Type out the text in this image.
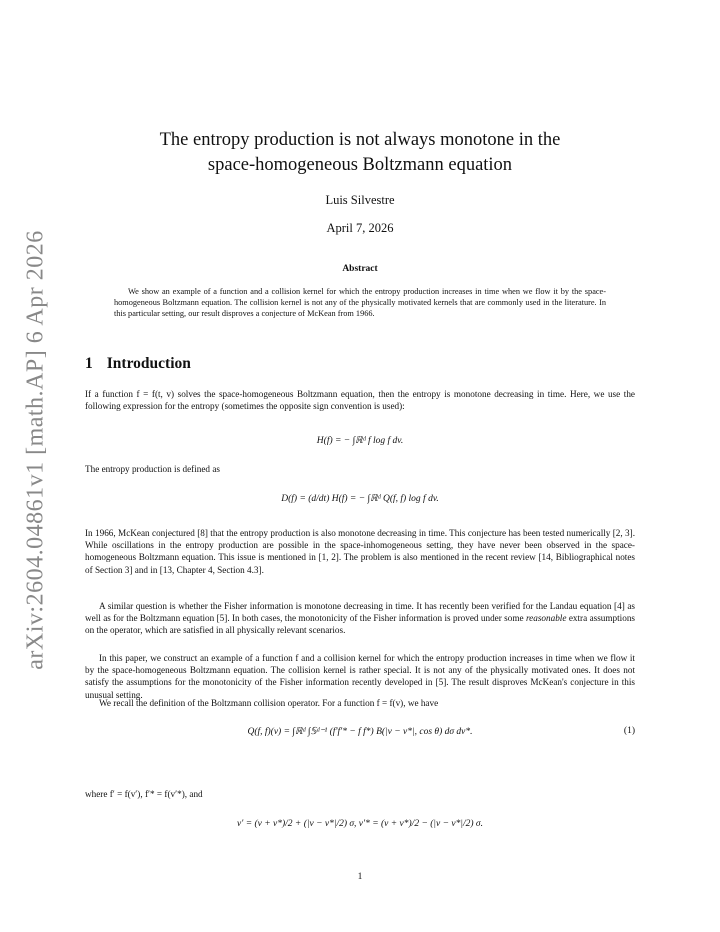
arXiv:2604.04861v1 [math.AP] 6 Apr 2026
The entropy production is not always monotone in the
space-homogeneous Boltzmann equation
Luis Silvestre
April 7, 2026
Abstract
We show an example of a function and a collision kernel for which the entropy production increases in time when we flow it by the space-homogeneous Boltzmann equation. The collision kernel is not any of the physically motivated kernels that are commonly used in the literature. In this particular setting, our result disproves a conjecture of McKean from 1966.
1 Introduction
If a function f = f(t, v) solves the space-homogeneous Boltzmann equation, then the entropy is monotone decreasing in time. Here, we use the following expression for the entropy (sometimes the opposite sign convention is used):
H(f) = − ∫ℝᵈ f log f dv.
The entropy production is defined as
D(f) = (d/dt) H(f) = − ∫ℝᵈ Q(f, f) log f dv.
In 1966, McKean conjectured [8] that the entropy production is also monotone decreasing in time. This conjecture has been tested numerically [2, 3]. While oscillations in the entropy production are possible in the space-inhomogeneous setting, they have never been observed in the space-homogeneous Boltzmann equation. This issue is mentioned in [1, 2]. The problem is also mentioned in the recent review [14, Bibliographical notes of Section 3] and in [13, Chapter 4, Section 4.3].
A similar question is whether the Fisher information is monotone decreasing in time. It has recently been verified for the Landau equation [4] as well as for the Boltzmann equation [5]. In both cases, the monotonicity of the Fisher information is proved under some reasonable extra assumptions on the operator, which are satisfied in all physically relevant scenarios.
In this paper, we construct an example of a function f and a collision kernel for which the entropy production increases in time when we flow it by the space-homogeneous Boltzmann equation. The collision kernel is rather special. It is not any of the physically motivated ones. It does not satisfy the assumptions for the monotonicity of the Fisher information recently developed in [5]. The result disproves McKean's conjecture in this unusual setting.
We recall the definition of the Boltzmann collision operator. For a function f = f(v), we have
Q(f, f)(v) = ∫ℝᵈ ∫𝕊ᵈ⁻¹ (f′f′* − f f*) B(|v − v*|, cos θ) dσ dv*.	(1)
where f′ = f(v′), f′* = f(v′*), and
v′ = (v + v*)/2 + (|v − v*|/2) σ, v′* = (v + v*)/2 − (|v − v*|/2) σ.
1
